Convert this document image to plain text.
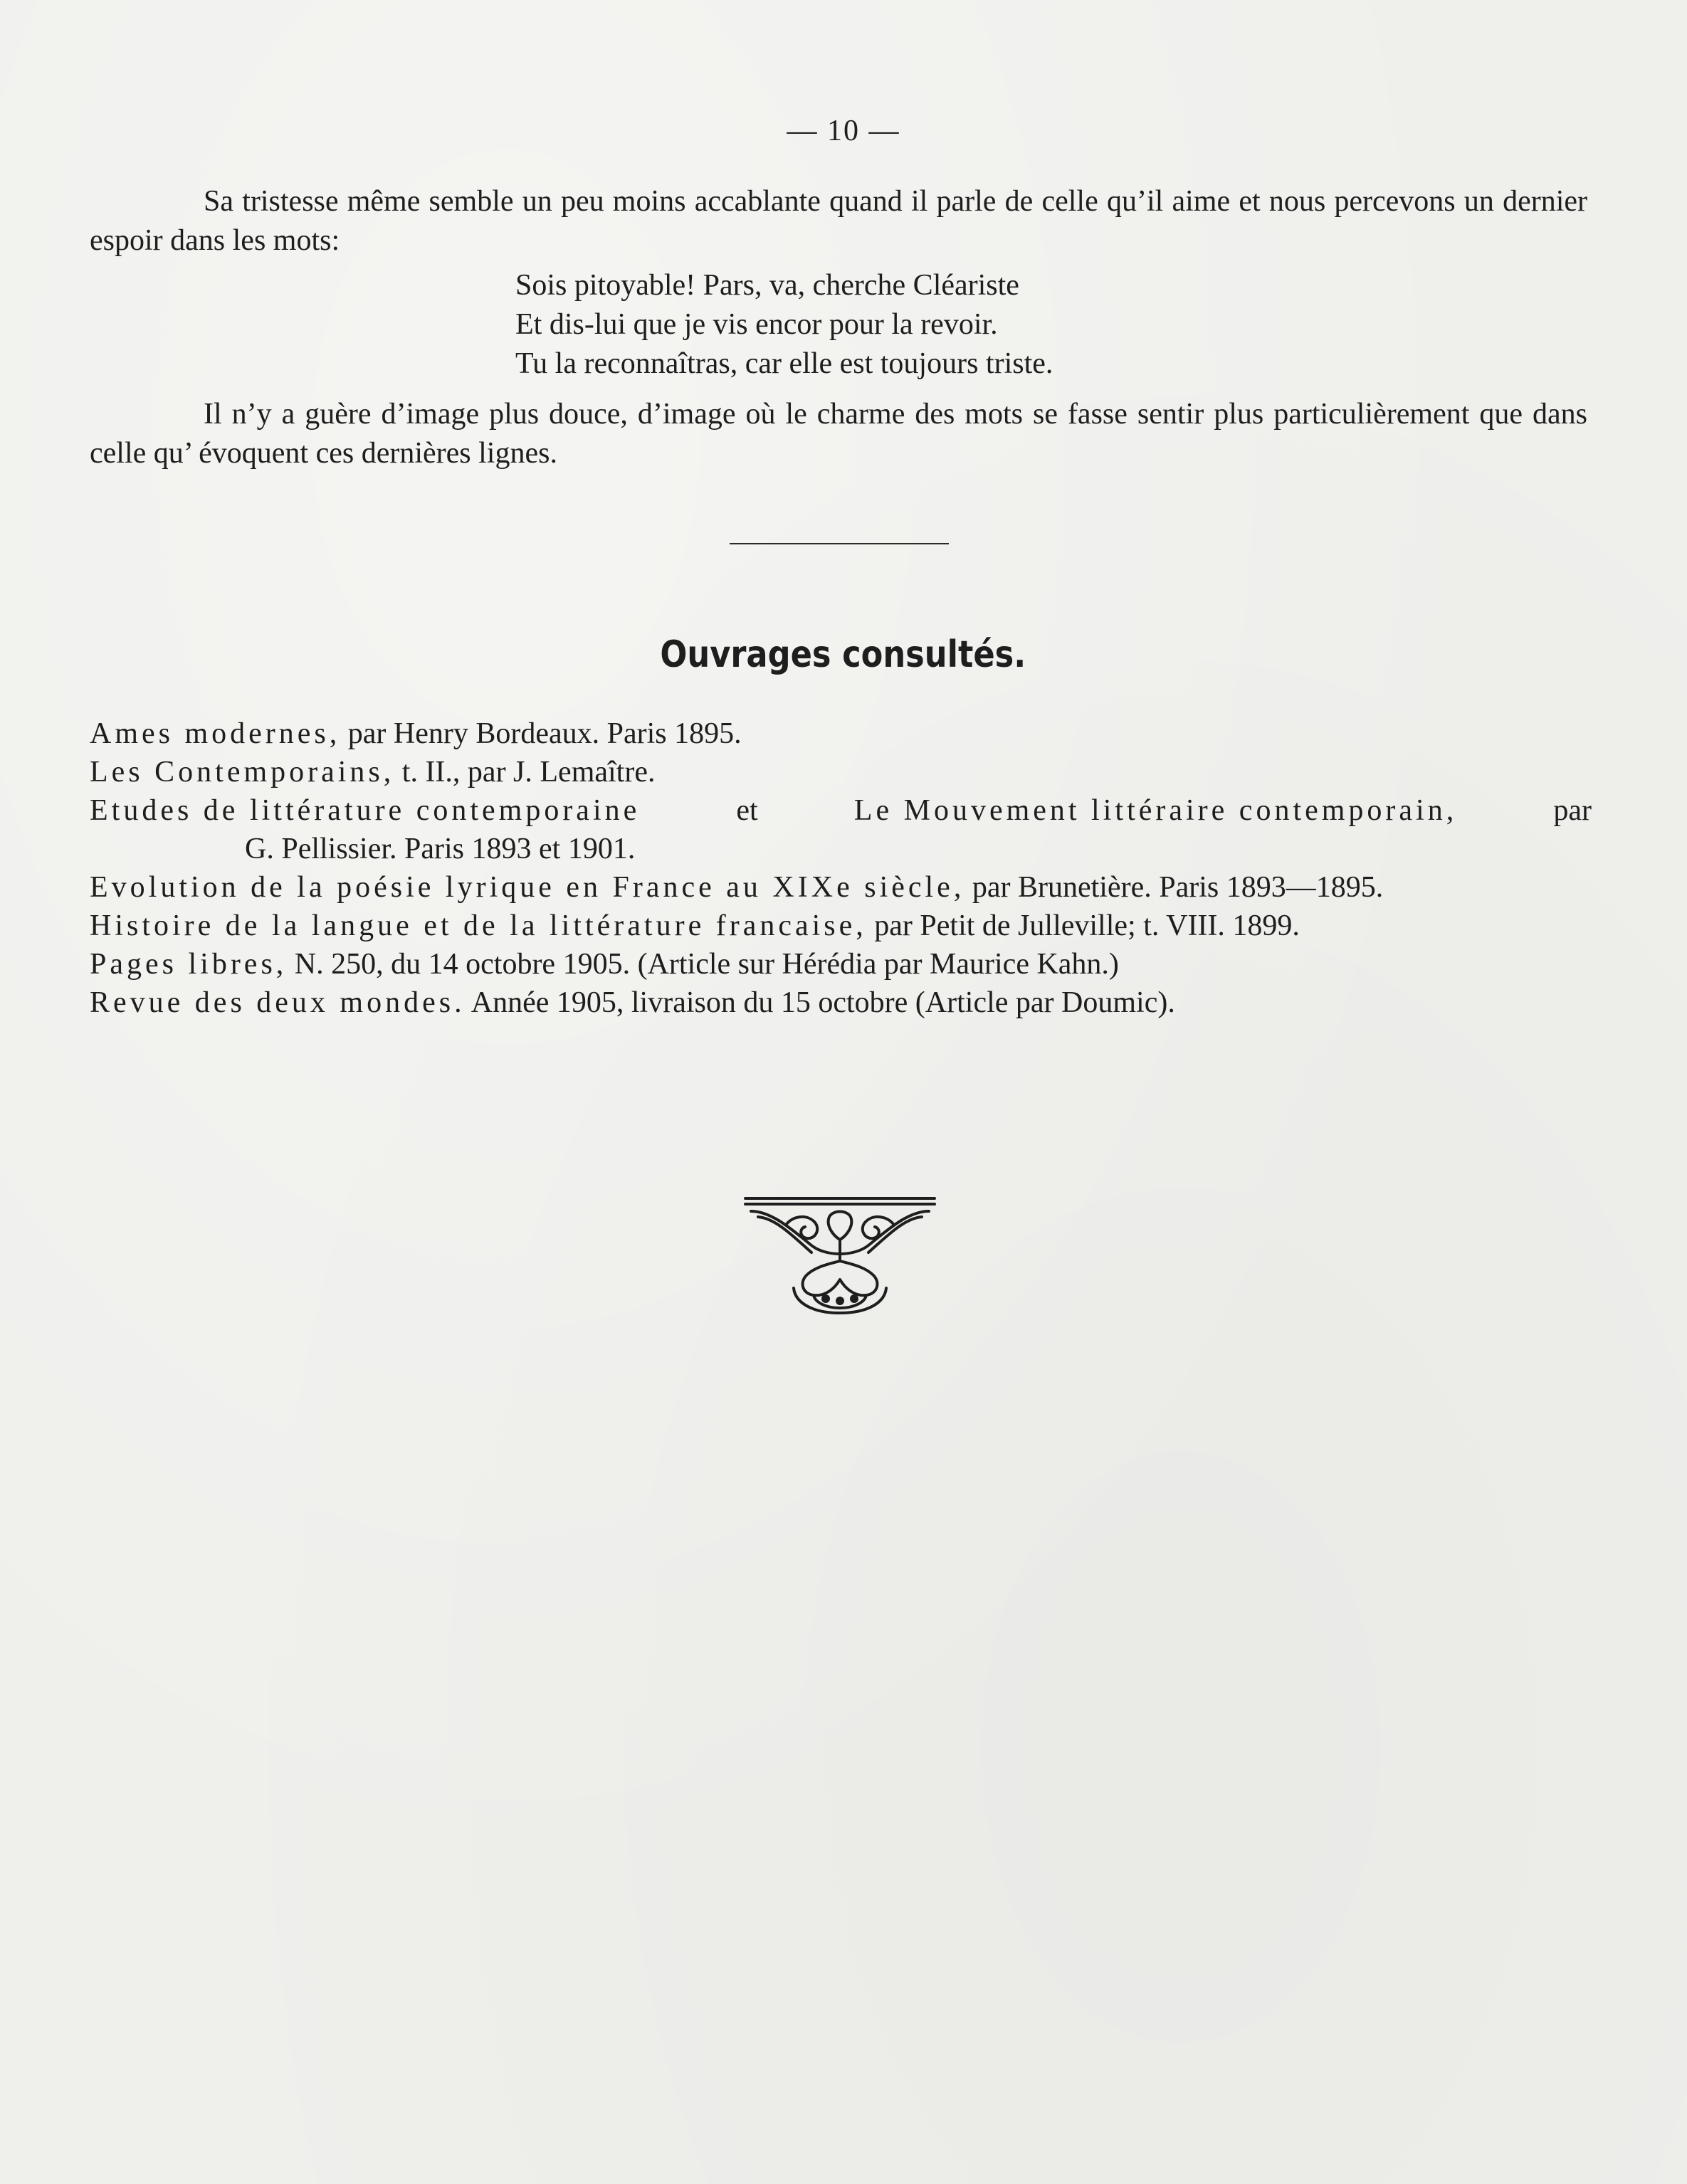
— 10 —
Sa tristesse même semble un peu moins accablante quand il parle de celle qu’il aime et nous percevons un dernier espoir dans les mots:
Sois pitoyable! Pars, va, cherche Cléariste
Et dis-lui que je vis encor pour la revoir.
Tu la reconnaîtras, car elle est toujours triste.
Il n’y a guère d’image plus douce, d’image où le charme des mots se fasse sentir plus particulièrement que dans celle qu’ évoquent ces dernières lignes.
Ouvrages consultés.
Ames modernes, par Henry Bordeaux. Paris 1895.
Les Contemporains, t. II., par J. Lemaître.
Etudes de littérature contemporaine	et	Le Mouvement littéraire contemporain,	par
G. Pellissier. Paris 1893 et 1901.
Evolution de la poésie lyrique en France au XIXe siècle, par Brunetière. Paris 1893—1895.
Histoire de la langue et de la littérature francaise, par Petit de Julleville; t. VIII. 1899.
Pages libres, N. 250, du 14 octobre 1905. (Article sur Hérédia par Maurice Kahn.)
Revue des deux mondes. Année 1905, livraison du 15 octobre (Article par Doumic).
